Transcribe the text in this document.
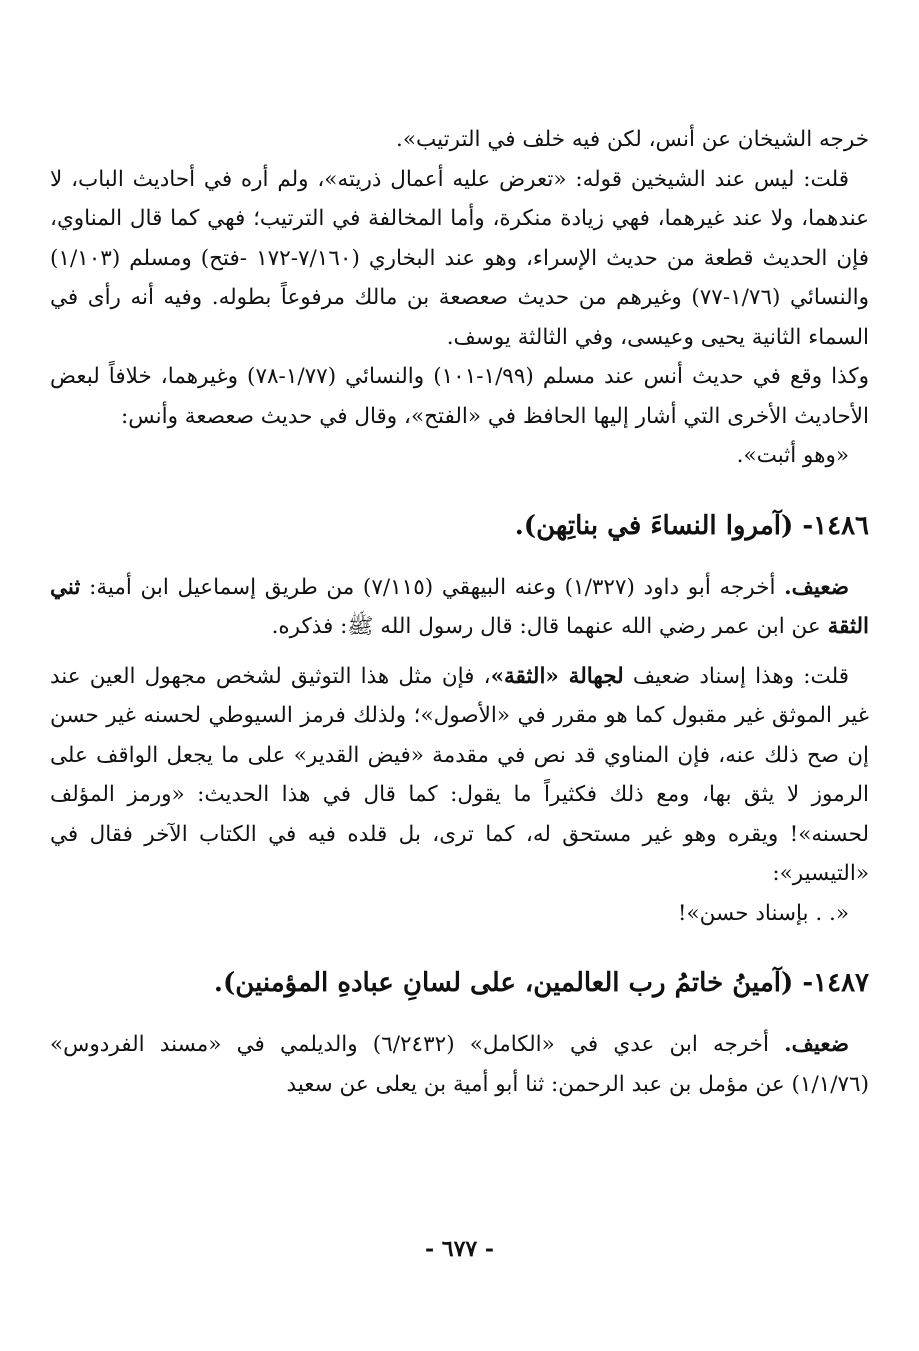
خرجه الشيخان عن أنس، لكن فيه خلف في الترتيب».

قلت: ليس عند الشيخين قوله: «تعرض عليه أعمال ذريته»، ولم أره في أحاديث الباب، لا عندهما، ولا عند غيرهما، فهي زيادة منكرة، وأما المخالفة في الترتيب؛ فهي كما قال المناوي، فإن الحديث قطعة من حديث الإسراء، وهو عند البخاري (٧/١٦٠-١٧٢ -فتح) ومسلم (١/١٠٣) والنسائي (١/٧٦-٧٧) وغيرهم من حديث صعصعة بن مالك مرفوعاً بطوله. وفيه أنه رأى في السماء الثانية يحيى وعيسى، وفي الثالثة يوسف.

وكذا وقع في حديث أنس عند مسلم (١/٩٩-١٠١) والنسائي (١/٧٧-٧٨) وغيرهما، خلافاً لبعض الأحاديث الأخرى التي أشار إليها الحافظ في «الفتح»، وقال في حديث صعصعة وأنس:

«وهو أثبت».

١٤٨٦- (آمروا النساءَ في بناتِهن).

ضعيف. أخرجه أبو داود (١/٣٢٧) وعنه البيهقي (٧/١١٥) من طريق إسماعيل ابن أمية: ثني الثقة عن ابن عمر رضي الله عنهما قال: قال رسول الله ﷺ: فذكره.

قلت: وهذا إسناد ضعيف لجهالة «الثقة»، فإن مثل هذا التوثيق لشخص مجهول العين عند غير الموثق غير مقبول كما هو مقرر في «الأصول»؛ ولذلك فرمز السيوطي لحسنه غير حسن إن صح ذلك عنه، فإن المناوي قد نص في مقدمة «فيض القدير» على ما يجعل الواقف على الرموز لا يثق بها، ومع ذلك فكثيراً ما يقول: كما قال في هذا الحديث: «ورمز المؤلف لحسنه»! ويقره وهو غير مستحق له، كما ترى، بل قلده فيه في الكتاب الآخر فقال في «التيسير»:

«. . بإسناد حسن»!

١٤٨٧- (آمينُ خاتمُ رب العالمين، على لسانِ عبادهِ المؤمنين).

ضعيف. أخرجه ابن عدي في «الكامل» (٦/٢٤٣٢) والديلمي في «مسند الفردوس» (١/١/٧٦) عن مؤمل بن عبد الرحمن: ثنا أبو أمية بن يعلى عن سعيد

- ٦٧٧ -
